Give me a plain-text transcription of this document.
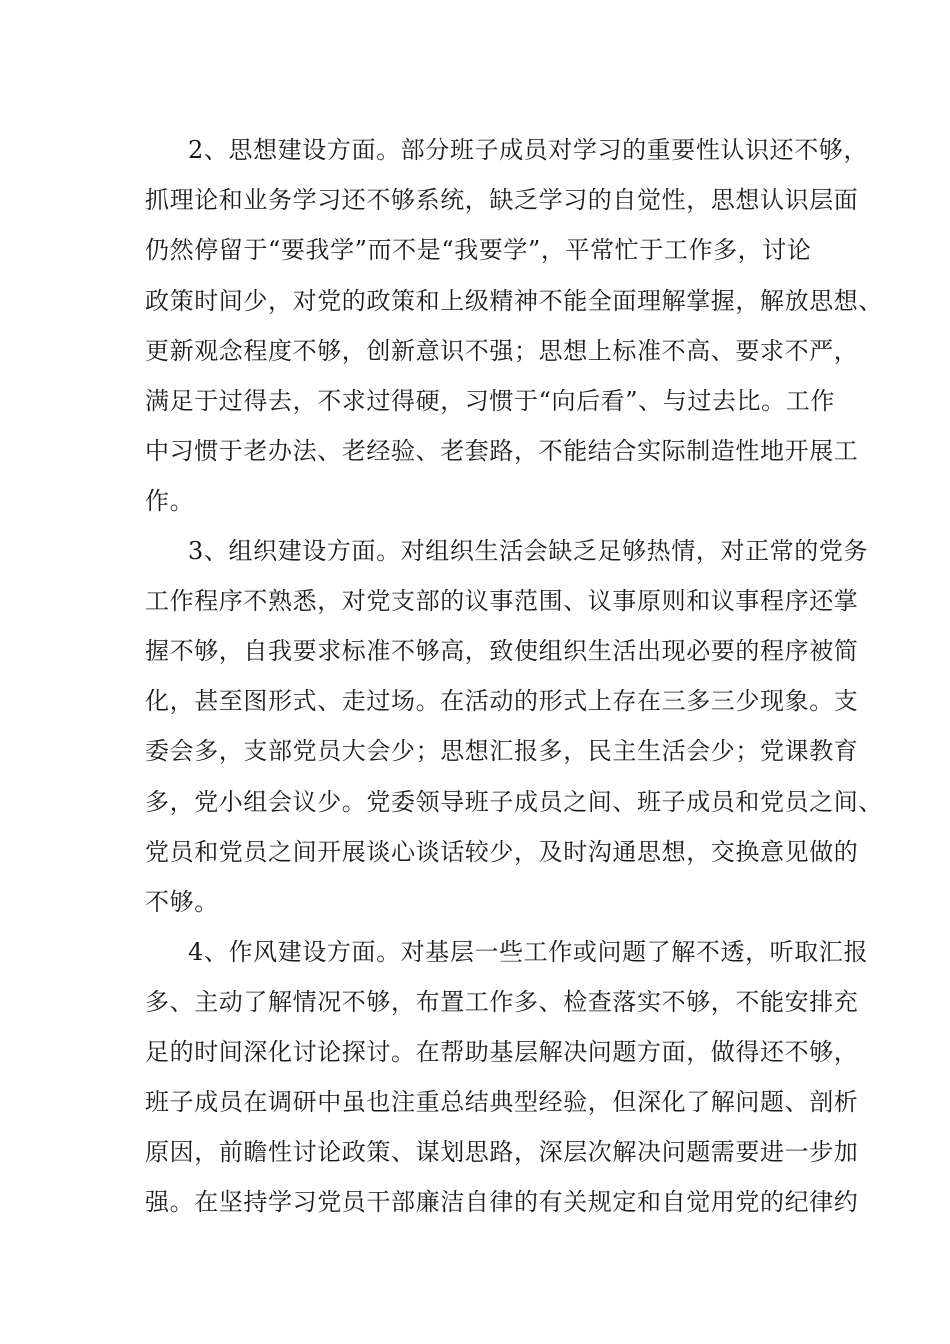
2、思想建设方面。部分班子成员对学习的重要性认识还不够，
抓理论和业务学习还不够系统，缺乏学习的自觉性，思想认识层面
仍然停留于“要我学”而不是“我要学”，平常忙于工作多，讨论
政策时间少，对党的政策和上级精神不能全面理解掌握，解放思想、
更新观念程度不够，创新意识不强；思想上标准不高、要求不严，
满足于过得去，不求过得硬，习惯于“向后看”、与过去比。工作
中习惯于老办法、老经验、老套路，不能结合实际制造性地开展工
作。
3、组织建设方面。对组织生活会缺乏足够热情，对正常的党务
工作程序不熟悉，对党支部的议事范围、议事原则和议事程序还掌
握不够，自我要求标准不够高，致使组织生活出现必要的程序被简
化，甚至图形式、走过场。在活动的形式上存在三多三少现象。支
委会多，支部党员大会少；思想汇报多，民主生活会少；党课教育
多，党小组会议少。党委领导班子成员之间、班子成员和党员之间、
党员和党员之间开展谈心谈话较少，及时沟通思想，交换意见做的
不够。
4、作风建设方面。对基层一些工作或问题了解不透，听取汇报
多、主动了解情况不够，布置工作多、检查落实不够，不能安排充
足的时间深化讨论探讨。在帮助基层解决问题方面，做得还不够，
班子成员在调研中虽也注重总结典型经验，但深化了解问题、剖析
原因，前瞻性讨论政策、谋划思路，深层次解决问题需要进一步加
强。在坚持学习党员干部廉洁自律的有关规定和自觉用党的纪律约
